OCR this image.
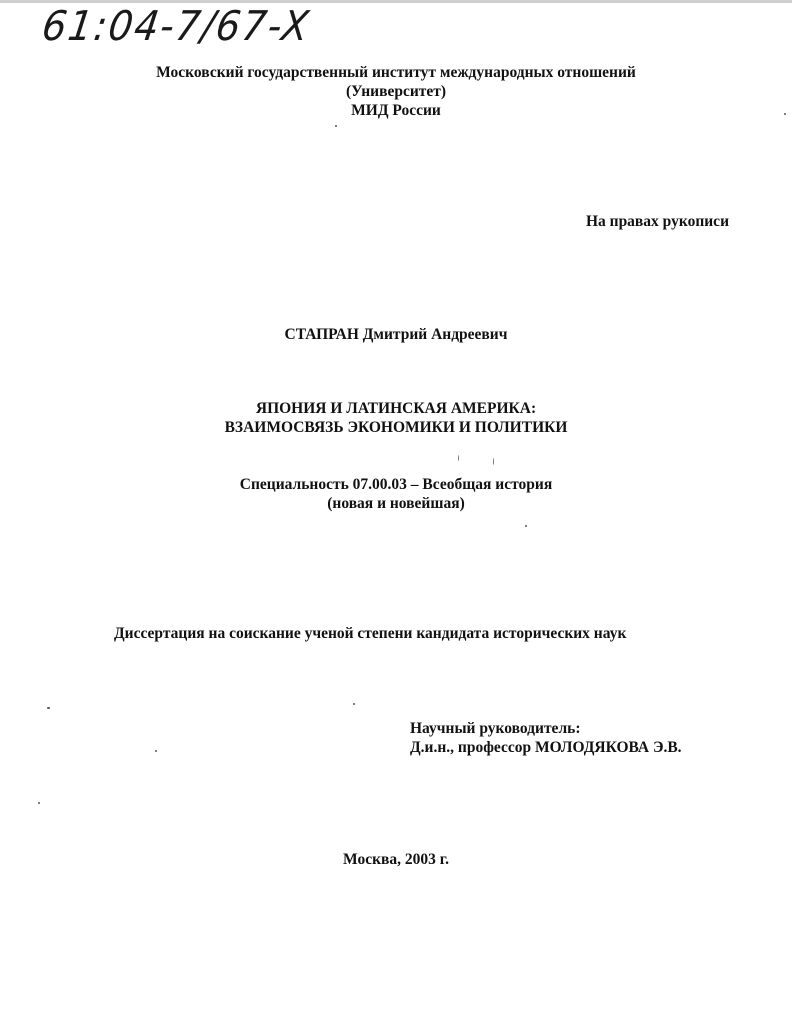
61:04-7/67-X
Московский государственный институт международных отношений
(Университет)
МИД России
На правах рукописи
СТАПРАН Дмитрий Андреевич
ЯПОНИЯ И ЛАТИНСКАЯ АМЕРИКА:
ВЗАИМОСВЯЗЬ ЭКОНОМИКИ И ПОЛИТИКИ
Специальность 07.00.03 – Всеобщая история
(новая и новейшая)
Диссертация на соискание ученой степени кандидата исторических наук
Научный руководитель:
Д.и.н., профессор МОЛОДЯКОВА Э.В.
Москва, 2003 г.
